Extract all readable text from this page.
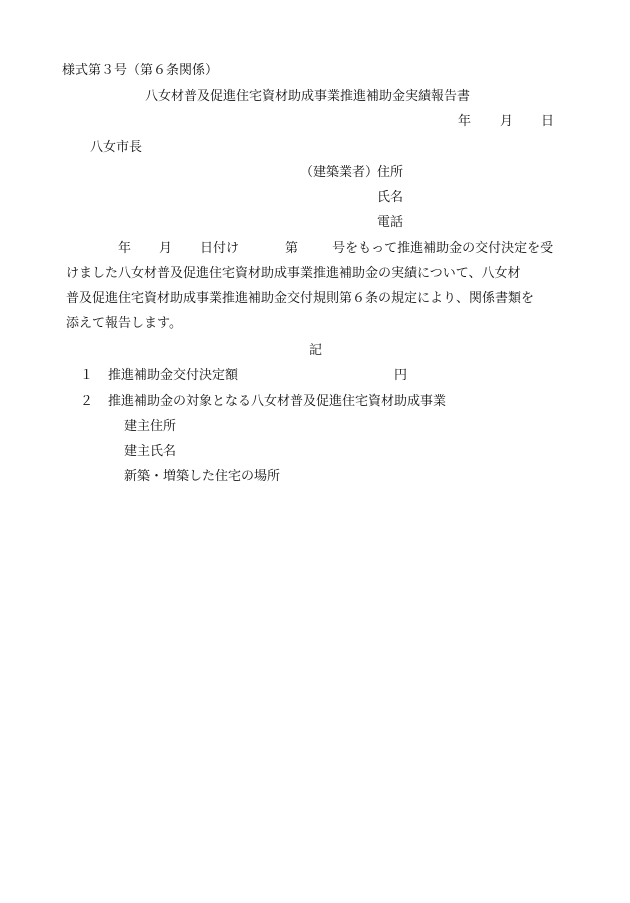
様式第３号（第６条関係）
八女材普及促進住宅資材助成事業推進補助金実績報告書
年 月 日
八女市長
（建築業者）
住所
氏名
電話
年 月 日付け	第	号をもって推進補助金の交付決定を受
けました八女材普及促進住宅資材助成事業推進補助金の実績について、八女材
普及促進住宅資材助成事業推進補助金交付規則第６条の規定により、関係書類を
添えて報告します。
記
１ 推進補助金交付決定額	円
２ 推進補助金の対象となる八女材普及促進住宅資材助成事業
建主住所
建主氏名
新築・増築した住宅の場所
